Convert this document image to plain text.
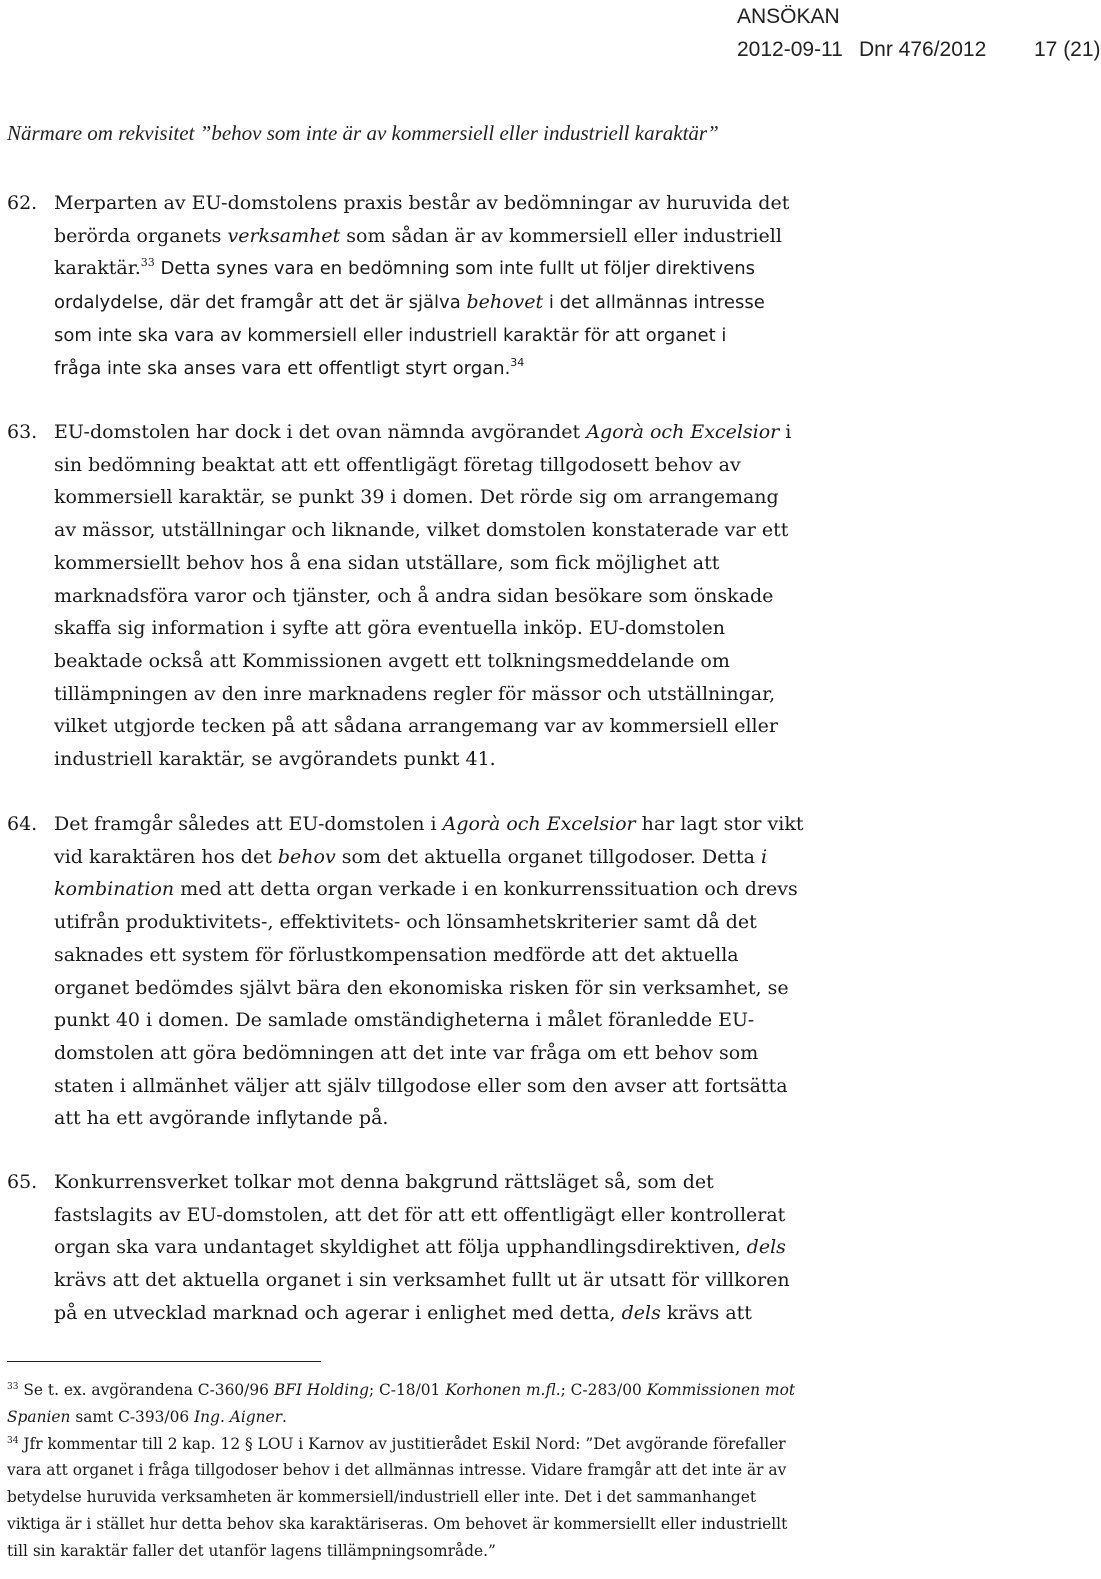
ANSÖKAN
2012-09-11 Dnr 476/2012 17 (21)
Närmare om rekvisitet ”behov som inte är av kommersiell eller industriell karaktär”
62. Merparten av EU-domstolens praxis består av bedömningar av huruvida det
berörda organets verksamhet som sådan är av kommersiell eller industriell
karaktär.$^{33}$ Detta synes vara en bedömning som inte fullt ut följer direktivens
ordalydelse, där det framgår att det är själva behovet i det allmännas intresse
som inte ska vara av kommersiell eller industriell karaktär för att organet i
fråga inte ska anses vara ett offentligt styrt organ.$^{34}$
63. EU-domstolen har dock i det ovan nämnda avgörandet Agorà och Excelsior i
sin bedömning beaktat att ett offentligägt företag tillgodosett behov av
kommersiell karaktär, se punkt 39 i domen. Det rörde sig om arrangemang
av mässor, utställningar och liknande, vilket domstolen konstaterade var ett
kommersiellt behov hos å ena sidan utställare, som fick möjlighet att
marknadsföra varor och tjänster, och å andra sidan besökare som önskade
skaffa sig information i syfte att göra eventuella inköp. EU-domstolen
beaktade också att Kommissionen avgett ett tolkningsmeddelande om
tillämpningen av den inre marknadens regler för mässor och utställningar,
vilket utgjorde tecken på att sådana arrangemang var av kommersiell eller
industriell karaktär, se avgörandets punkt 41.
64. Det framgår således att EU-domstolen i Agorà och Excelsior har lagt stor vikt
vid karaktären hos det behov som det aktuella organet tillgodoser. Detta i
kombination med att detta organ verkade i en konkurrenssituation och drevs
utifrån produktivitets-, effektivitets- och lönsamhetskriterier samt då det
saknades ett system för förlustkompensation medförde att det aktuella
organet bedömdes självt bära den ekonomiska risken för sin verksamhet, se
punkt 40 i domen. De samlade omständigheterna i målet föranledde EU-
domstolen att göra bedömningen att det inte var fråga om ett behov som
staten i allmänhet väljer att själv tillgodose eller som den avser att fortsätta
att ha ett avgörande inflytande på.
65. Konkurrensverket tolkar mot denna bakgrund rättsläget så, som det
fastslagits av EU-domstolen, att det för att ett offentligägt eller kontrollerat
organ ska vara undantaget skyldighet att följa upphandlingsdirektiven, dels
krävs att det aktuella organet i sin verksamhet fullt ut är utsatt för villkoren
på en utvecklad marknad och agerar i enlighet med detta, dels krävs att
$^{33}$ Se t. ex. avgörandena C-360/96 BFI Holding; C-18/01 Korhonen m.fl.; C-283/00 Kommissionen mot
Spanien samt C-393/06 Ing. Aigner.
$^{34}$ Jfr kommentar till 2 kap. 12 § LOU i Karnov av justitierådet Eskil Nord: ”Det avgörande förefaller
vara att organet i fråga tillgodoser behov i det allmännas intresse. Vidare framgår att det inte är av
betydelse huruvida verksamheten är kommersiell/industriell eller inte. Det i det sammanhanget
viktiga är i stället hur detta behov ska karaktäriseras. Om behovet är kommersiellt eller industriellt
till sin karaktär faller det utanför lagens tillämpningsområde.”
